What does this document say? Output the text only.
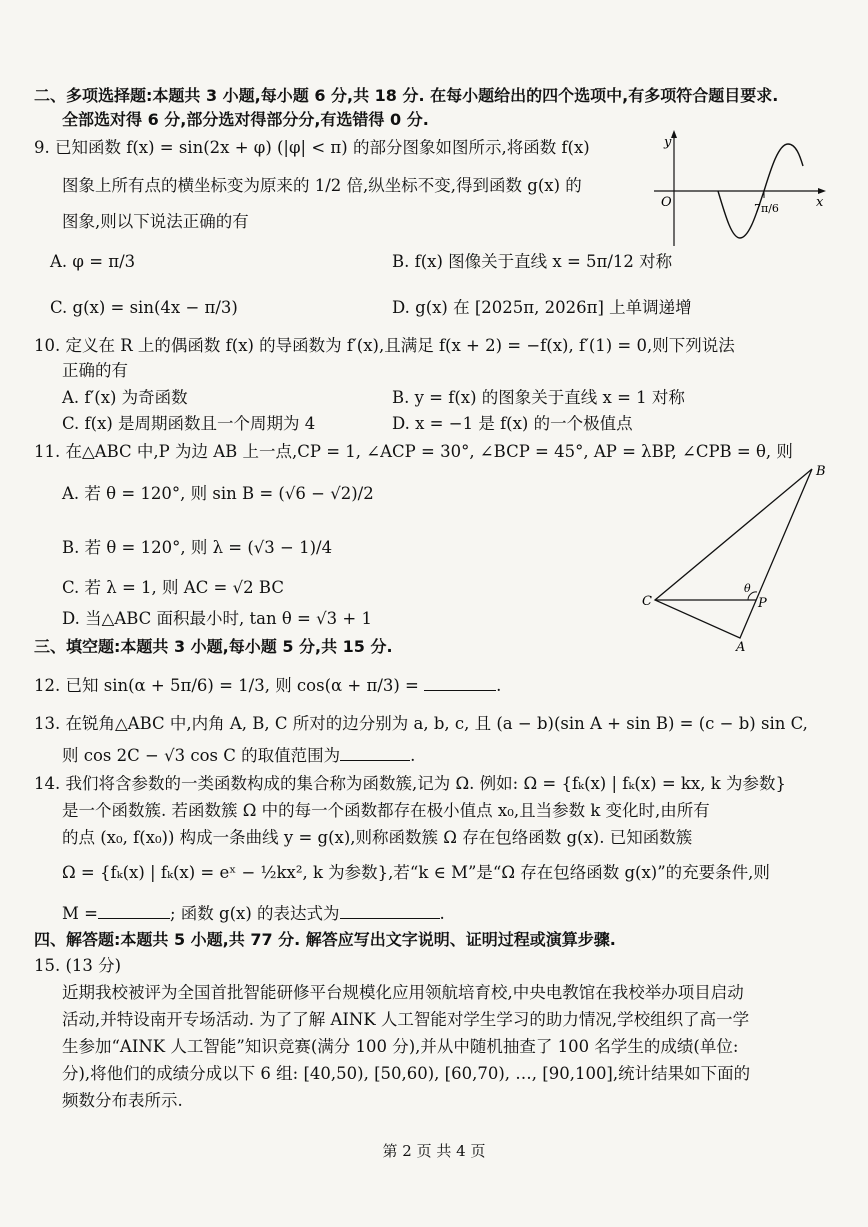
二、多项选择题:本题共 3 小题,每小题 6 分,共 18 分. 在每小题给出的四个选项中,有多项符合题目要求.
全部选对得 6 分,部分选对得部分分,有选错得 0 分.
9. 已知函数 f(x) = sin(2x + φ) (|φ| < π) 的部分图象如图所示,将函数 f(x)
图象上所有点的横坐标变为原来的 1/2 倍,纵坐标不变,得到函数 g(x) 的
图象,则以下说法正确的有
A. φ = π/3	B. f(x) 图像关于直线 x = 5π/12 对称
C. g(x) = sin(4x − π/3)	D. g(x) 在 [2025π, 2026π] 上单调递增
y
x
O	7π/6
10. 定义在 R 上的偶函数 f(x) 的导函数为 f′(x),且满足 f(x + 2) = −f(x), f′(1) = 0,则下列说法
正确的有
A. f′(x) 为奇函数	B. y = f(x) 的图象关于直线 x = 1 对称
C. f(x) 是周期函数且一个周期为 4	D. x = −1 是 f(x) 的一个极值点
11. 在△ABC 中,P 为边 AB 上一点,CP = 1, ∠ACP = 30°, ∠BCP = 45°, AP = λBP, ∠CPB = θ, 则
A. 若 θ = 120°, 则 sin B = (√6 − √2)/2
B. 若 θ = 120°, 则 λ = (√3 − 1)/4
C. 若 λ = 1, 则 AC = √2 BC
D. 当△ABC 面积最小时, tan θ = √3 + 1
B
C	P
A
θ
三、填空题:本题共 3 小题,每小题 5 分,共 15 分.
12. 已知 sin(α + 5π/6) = 1/3, 则 cos(α + π/3) =	.
13. 在锐角△ABC 中,内角 A, B, C 所对的边分别为 a, b, c, 且 (a − b)(sin A + sin B) = (c − b) sin C,
则 cos 2C − √3 cos C 的取值范围为	.
14. 我们将含参数的一类函数构成的集合称为函数簇,记为 Ω. 例如: Ω = {fₖ(x) | fₖ(x) = kx, k 为参数}
是一个函数簇. 若函数簇 Ω 中的每一个函数都存在极小值点 x₀,且当参数 k 变化时,由所有
的点 (x₀, f(x₀)) 构成一条曲线 y = g(x),则称函数簇 Ω 存在包络函数 g(x). 已知函数簇
Ω = {fₖ(x) | fₖ(x) = eˣ − ½kx², k 为参数},若“k ∈ M”是“Ω 存在包络函数 g(x)”的充要条件,则
M =	; 函数 g(x) 的表达式为	.
四、解答题:本题共 5 小题,共 77 分. 解答应写出文字说明、证明过程或演算步骤.
15. (13 分)
近期我校被评为全国首批智能研修平台规模化应用领航培育校,中央电教馆在我校举办项目启动
活动,并特设南开专场活动. 为了了解 AINK 人工智能对学生学习的助力情况,学校组织了高一学
生参加“AINK 人工智能”知识竞赛(满分 100 分),并从中随机抽查了 100 名学生的成绩(单位:
分),将他们的成绩分成以下 6 组: [40,50), [50,60), [60,70), …, [90,100],统计结果如下面的
频数分布表所示.
第 2 页 共 4 页
